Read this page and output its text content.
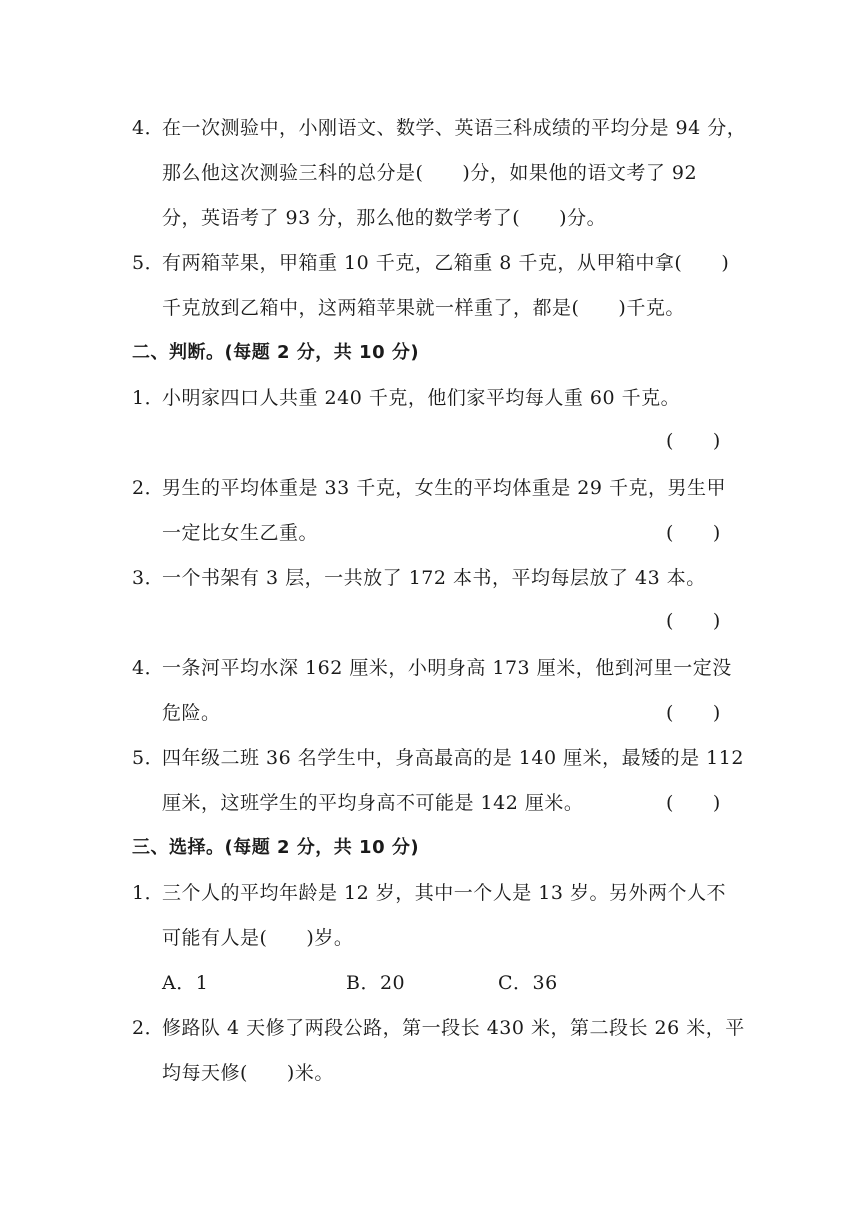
4．
在一次测验中，小刚语文、数学、英语三科成绩的平均分是 94 分，
那么他这次测验三科的总分是(　　)分，如果他的语文考了 92
分，英语考了 93 分，那么他的数学考了(　　)分。
5．
有两箱苹果，甲箱重 10 千克，乙箱重 8 千克，从甲箱中拿(　　)
千克放到乙箱中，这两箱苹果就一样重了，都是(　　)千克。
二、判断。(每题 2 分，共 10 分)
1．
小明家四口人共重 240 千克，他们家平均每人重 60 千克。
(　　)
2．
男生的平均体重是 33 千克，女生的平均体重是 29 千克，男生甲
一定比女生乙重。	(　　)
3．
一个书架有 3 层，一共放了 172 本书，平均每层放了 43 本。
(　　)
4．
一条河平均水深 162 厘米，小明身高 173 厘米，他到河里一定没
危险。	(　　)
5．
四年级二班 36 名学生中，身高最高的是 140 厘米，最矮的是 112
厘米，这班学生的平均身高不可能是 142 厘米。	(　　)
三、选择。(每题 2 分，共 10 分)
1．
三个人的平均年龄是 12 岁，其中一个人是 13 岁。另外两个人不
可能有人是(　　)岁。
A．1	B．20	C．36
2．
修路队 4 天修了两段公路，第一段长 430 米，第二段长 26 米，平
均每天修(　　)米。
